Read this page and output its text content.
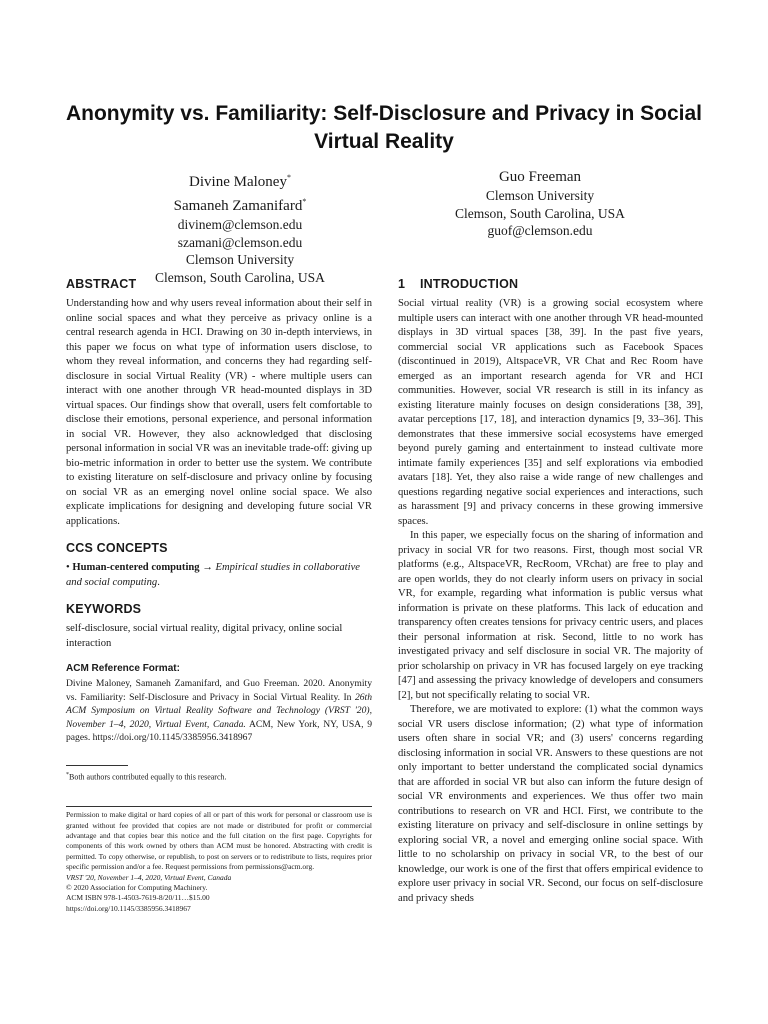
Anonymity vs. Familiarity: Self-Disclosure and Privacy in Social Virtual Reality
Divine Maloney*
Samaneh Zamanifard*
divinem@clemson.edu
szamani@clemson.edu
Clemson University
Clemson, South Carolina, USA
Guo Freeman
Clemson University
Clemson, South Carolina, USA
guof@clemson.edu
ABSTRACT

Understanding how and why users reveal information about their self in online social spaces and what they perceive as privacy online is a central research agenda in HCI. Drawing on 30 in-depth interviews, in this paper we focus on what type of information users disclose, to whom they reveal information, and concerns they had regarding self-disclosure in social Virtual Reality (VR) - where multiple users can interact with one another through VR head-mounted displays in 3D virtual spaces. Our findings show that overall, users felt comfortable to disclose their emotions, personal experience, and personal information in social VR. However, they also acknowledged that disclosing personal information in social VR was an inevitable trade-off: giving up bio-metric information in order to better use the system. We contribute to existing literature on self-disclosure and privacy online by focusing on social VR as an emerging novel online social space. We also explicate implications for designing and developing future social VR applications.

CCS CONCEPTS
• Human-centered computing → Empirical studies in collaborative and social computing.
KEYWORDS

self-disclosure, social virtual reality, digital privacy, online social interaction

ACM Reference Format:
Divine Maloney, Samaneh Zamanifard, and Guo Freeman. 2020. Anonymity vs. Familiarity: Self-Disclosure and Privacy in Social Virtual Reality. In 26th ACM Symposium on Virtual Reality Software and Technology (VRST '20), November 1–4, 2020, Virtual Event, Canada. ACM, New York, NY, USA, 9 pages. https://doi.org/10.1145/3385956.3418967
*Both authors contributed equally to this research.
Permission to make digital or hard copies of all or part of this work for personal or classroom use is granted without fee provided that copies are not made or distributed for profit or commercial advantage and that copies bear this notice and the full citation on the first page. Copyrights for components of this work owned by others than ACM must be honored. Abstracting with credit is permitted. To copy otherwise, or republish, to post on servers or to redistribute to lists, requires prior specific permission and/or a fee. Request permissions from permissions@acm.org.
VRST '20, November 1–4, 2020, Virtual Event, Canada
© 2020 Association for Computing Machinery.
ACM ISBN 978-1-4503-7619-8/20/11…$15.00
https://doi.org/10.1145/3385956.3418967
1 INTRODUCTION

Social virtual reality (VR) is a growing social ecosystem where multiple users can interact with one another through VR head-mounted displays in 3D virtual spaces [38, 39]. In the past five years, commercial social VR applications such as Facebook Spaces (discontinued in 2019), AltspaceVR, VR Chat and Rec Room have emerged as an important research agenda for VR and HCI communities. However, social VR research is still in its infancy as existing literature mainly focuses on design considerations [38, 39], avatar perceptions [17, 18], and interaction dynamics [9, 33–36]. This demonstrates that these immersive social ecosystems have emerged beyond purely gaming and entertainment to instead cultivate more intimate family experiences [35] and self explorations via embodied avatars [18]. Yet, they also raise a wide range of new challenges and questions regarding negative social experiences and interactions, such as harassment [9] and privacy concerns in these growing immersive spaces.

In this paper, we especially focus on the sharing of information and privacy in social VR for two reasons. First, though most social VR platforms (e.g., AltspaceVR, RecRoom, VRchat) are free to play and are open worlds, they do not clearly inform users on privacy in social VR, for example, regarding what information is public versus what information is private on these platforms. This lack of education and transparency often creates tensions for privacy centric users, and places their personal information at risk. Second, little to no work has investigated privacy and self disclosure in social VR. The majority of prior scholarship on privacy in VR has focused largely on eye tracking [47] and assessing the privacy knowledge of developers and consumers [2], but not specifically relating to social VR.

Therefore, we are motivated to explore: (1) what the common ways social VR users disclose information; (2) what type of information users often share in social VR; and (3) users' concerns regarding disclosing information in social VR. Answers to these questions are not only important to better understand the complicated social dynamics that are afforded in social VR but also can inform the future design of social VR environments and experiences. We thus offer two main contributions to research on VR and HCI. First, we contribute to the existing literature on privacy and self-disclosure in online settings by exploring social VR, a novel and emerging online social space. With little to no scholarship on privacy in social VR, to the best of our knowledge, our work is one of the first that offers empirical evidence to explore user privacy in social VR. Second, our focus on self-disclosure and privacy sheds
